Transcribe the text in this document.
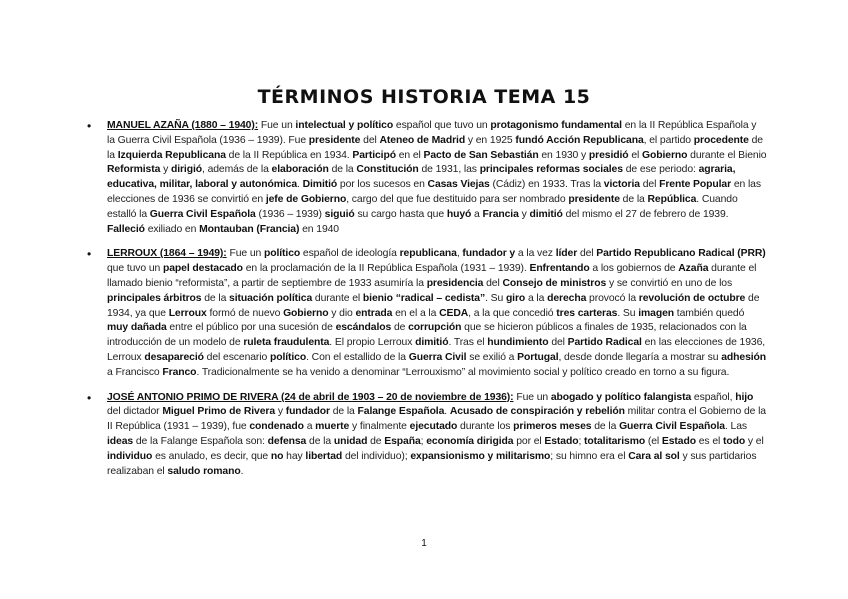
TÉRMINOS HISTORIA TEMA 15
• MANUEL AZAÑA (1880 – 1940): Fue un intelectual y político español que tuvo un protagonismo fundamental en la II República Española y la Guerra Civil Española (1936 – 1939). Fue presidente del Ateneo de Madrid y en 1925 fundó Acción Republicana, el partido procedente de la Izquierda Republicana de la II República en 1934. Participó en el Pacto de San Sebastián en 1930 y presidió el Gobierno durante el Bienio Reformista y dirigió, además de la elaboración de la Constitución de 1931, las principales reformas sociales de ese periodo: agraria, educativa, militar, laboral y autonómica. Dimitió por los sucesos en Casas Viejas (Cádiz) en 1933. Tras la victoria del Frente Popular en las elecciones de 1936 se convirtió en jefe de Gobierno, cargo del que fue destituido para ser nombrado presidente de la República. Cuando estalló la Guerra Civil Española (1936 – 1939) siguió su cargo hasta que huyó a Francia y dimitió del mismo el 27 de febrero de 1939. Falleció exiliado en Montauban (Francia) en 1940
• LERROUX (1864 – 1949): Fue un político español de ideología republicana, fundador y a la vez líder del Partido Republicano Radical (PRR) que tuvo un papel destacado en la proclamación de la II República Española (1931 – 1939). Enfrentando a los gobiernos de Azaña durante el llamado bienio “reformista”, a partir de septiembre de 1933 asumiría la presidencia del Consejo de ministros y se convirtió en uno de los principales árbitros de la situación política durante el bienio “radical – cedista”. Su giro a la derecha provocó la revolución de octubre de 1934, ya que Lerroux formó de nuevo Gobierno y dio entrada en el a la CEDA, a la que concedió tres carteras. Su imagen también quedó muy dañada entre el público por una sucesión de escándalos de corrupción que se hicieron públicos a finales de 1935, relacionados con la introducción de un modelo de ruleta fraudulenta. El propio Lerroux dimitió. Tras el hundimiento del Partido Radical en las elecciones de 1936, Lerroux desapareció del escenario político. Con el estallido de la Guerra Civil se exilió a Portugal, desde donde llegaría a mostrar su adhesión a Francisco Franco. Tradicionalmente se ha venido a denominar “Lerrouxismo” al movimiento social y político creado en torno a su figura.
• JOSÉ ANTONIO PRIMO DE RIVERA (24 de abril de 1903 – 20 de noviembre de 1936): Fue un abogado y político falangista español, hijo del dictador Miguel Primo de Rivera y fundador de la Falange Española. Acusado de conspiración y rebelión militar contra el Gobierno de la II República (1931 – 1939), fue condenado a muerte y finalmente ejecutado durante los primeros meses de la Guerra Civil Española. Las ideas de la Falange Española son: defensa de la unidad de España; economía dirigida por el Estado; totalitarismo (el Estado es el todo y el individuo es anulado, es decir, que no hay libertad del individuo); expansionismo y militarismo; su himno era el Cara al sol y sus partidarios realizaban el saludo romano.
1
